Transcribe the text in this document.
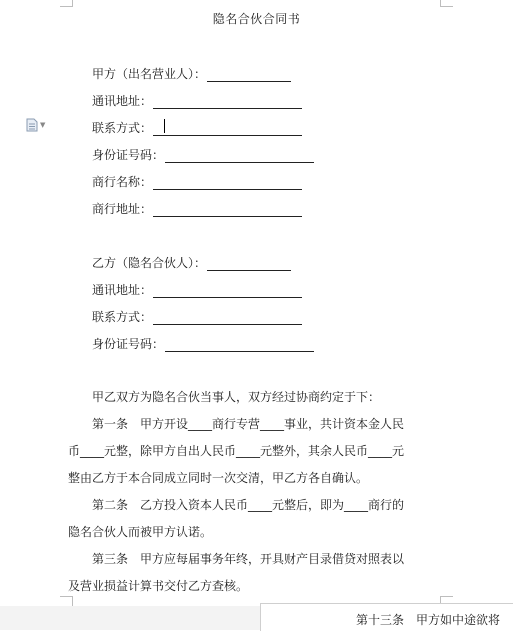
隐名合伙合同书
▼
甲方（出名营业人）：
通讯地址：
联系方式：
身份证号码：
商行名称：
商行地址：
乙方（隐名合伙人）：
通讯地址：
联系方式：
身份证号码：
甲乙双方为隐名合伙当事人，双方经过协商约定于下：
第一条　甲方开设____商行专营____事业，共计资本金人民
币____元整，除甲方自出人民币____元整外，其余人民币____元
整由乙方于本合同成立同时一次交清，甲乙方各自确认。
第二条　乙方投入资本人民币____元整后，即为____商行的
隐名合伙人而被甲方认诺。
第三条　甲方应每届事务年终，开具财产目录借贷对照表以
及营业损益计算书交付乙方查核。
第十三条　甲方如中途欲将
